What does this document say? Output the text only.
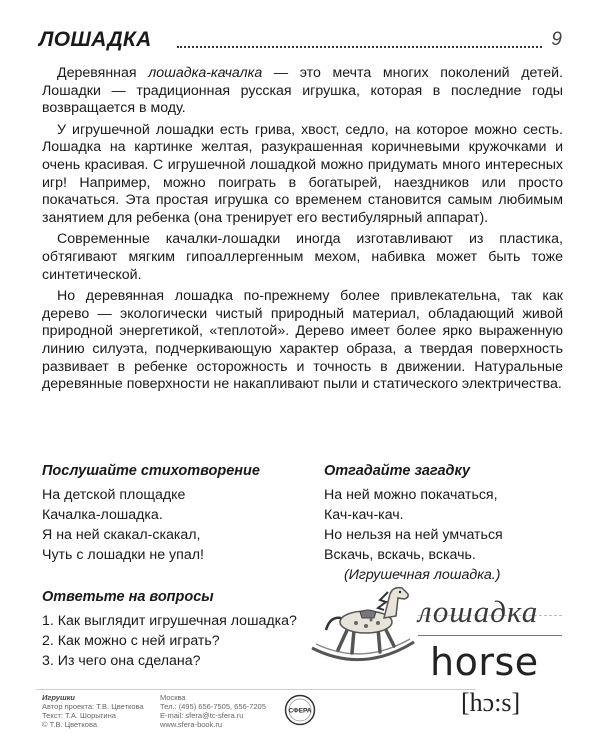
ЛОШАДКА	9

Деревянная лошадка-качалка — это мечта многих поколений детей. Лошадки — традиционная русская игрушка, которая в последние годы возвращается в моду.

У игрушечной лошадки есть грива, хвост, седло, на которое можно сесть. Лошадка на картинке желтая, разукрашенная коричневыми кружочками и очень красивая. С игрушечной лошадкой можно придумать много интересных игр! Например, можно поиграть в богатырей, наездников или просто покачаться. Эта простая игрушка со временем становится самым любимым занятием для ребенка (она тренирует его вестибулярный аппарат).

Современные качалки-лошадки иногда изготавливают из пластика, обтягивают мягким гипоаллергенным мехом, набивка может быть тоже синтетической.

Но деревянная лошадка по-прежнему более привлекательна, так как дерево — экологически чистый природный материал, обладающий живой природной энергетикой, «теплотой». Дерево имеет более ярко выраженную линию силуэта, подчеркивающую характер образа, а твердая поверхность развивает в ребенке осторожность и точность в движении. Натуральные деревянные поверхности не накапливают пыли и статического электричества.

Послушайте стихотворение
На детской площадке
Качалка-лошадка.
Я на ней скакал-скакал,
Чуть с лошадки не упал!
Отгадайте загадку
На ней можно покачаться,
Кач-кач-кач.
Но нельзя на ней умчаться
Вскачь, вскачь, вскачь.
(Игрушечная лошадка.)
Ответьте на вопросы
1. Как выглядит игрушечная лошадка?
2. Как можно с ней играть?
3. Из чего она сделана?
лошадка
horse
[hɔ:s]
Игрушки
Автор проекта: Т.В. Цветкова
Текст: Т.А. Шорыгина
© Т.В. Цветкова
Москва
Тел.: (495) 656-7505, 656-7205
E-mail: sfera@tc-sfera.ru
www.sfera-book.ru
СФЕРА
